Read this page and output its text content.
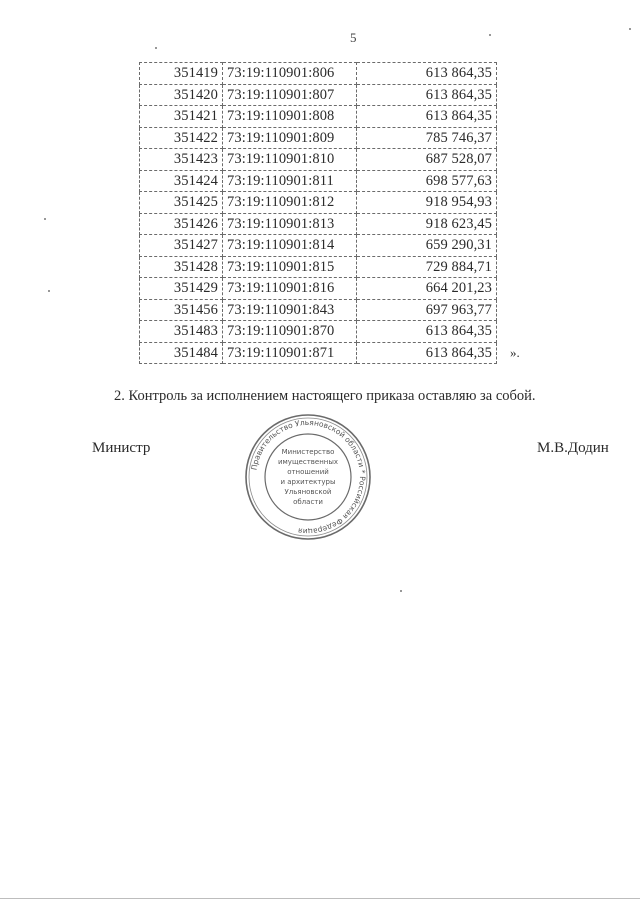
5
351419	73:19:110901:806	613 864,35
351420	73:19:110901:807	613 864,35
351421	73:19:110901:808	613 864,35
351422	73:19:110901:809	785 746,37
351423	73:19:110901:810	687 528,07
351424	73:19:110901:811	698 577,63
351425	73:19:110901:812	918 954,93
351426	73:19:110901:813	918 623,45
351427	73:19:110901:814	659 290,31
351428	73:19:110901:815	729 884,71
351429	73:19:110901:816	664 201,23
351456	73:19:110901:843	697 963,77
351483	73:19:110901:870	613 864,35
351484	73:19:110901:871	613 864,35 ».
2. Контроль за исполнением настоящего приказа оставляю за собой.
Министр	М.В.Додин
Правительство Ульяновской области * Российская Федерация
Министерство
имущественных
отношений
и архитектуры
Ульяновской
области
